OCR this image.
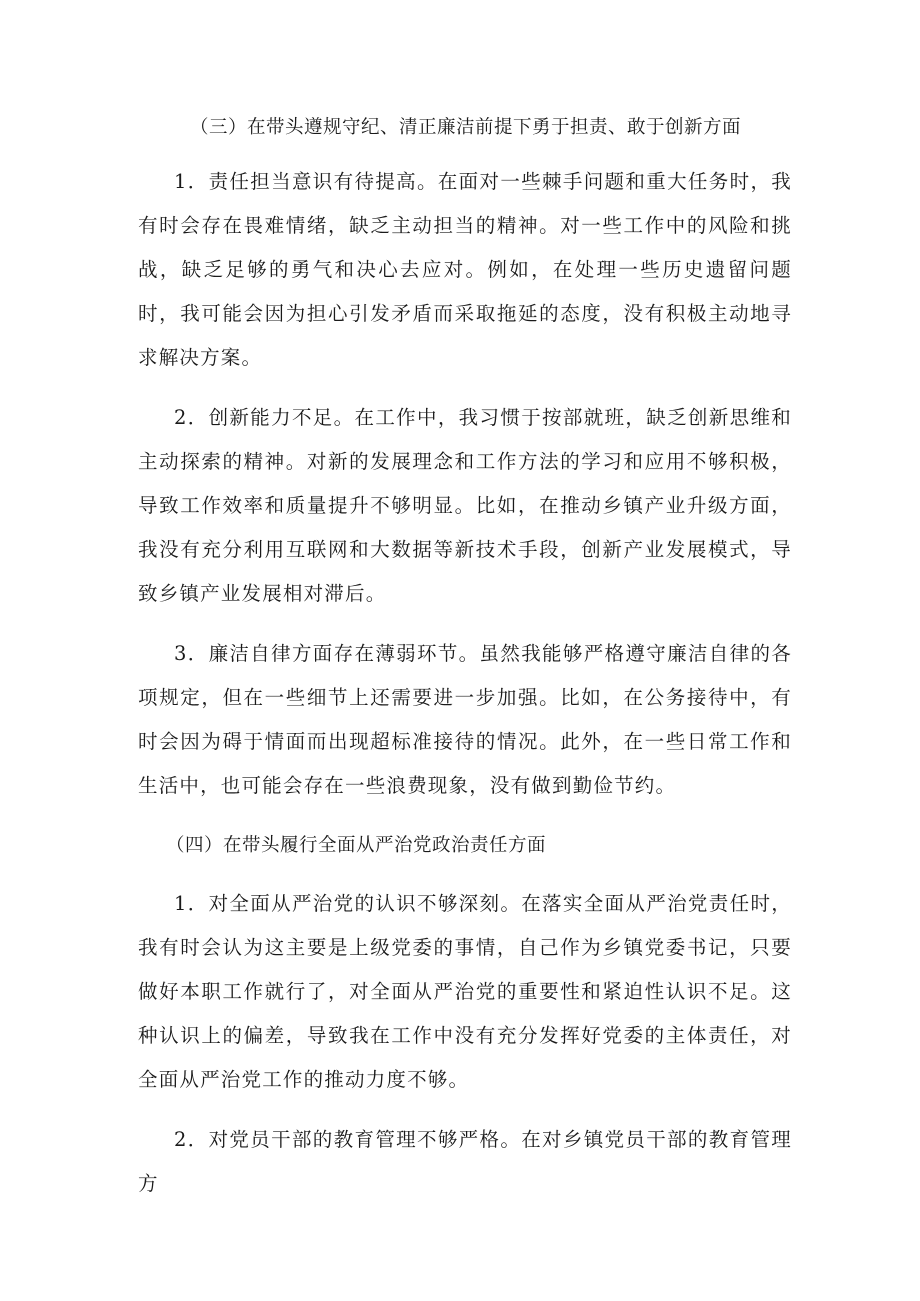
（三）在带头遵规守纪、清正廉洁前提下勇于担责、敢于创新方面

1．责任担当意识有待提高。在面对一些棘手问题和重大任务时，我有时会存在畏难情绪，缺乏主动担当的精神。对一些工作中的风险和挑战，缺乏足够的勇气和决心去应对。例如，在处理一些历史遗留问题时，我可能会因为担心引发矛盾而采取拖延的态度，没有积极主动地寻求解决方案。

2．创新能力不足。在工作中，我习惯于按部就班，缺乏创新思维和主动探索的精神。对新的发展理念和工作方法的学习和应用不够积极，导致工作效率和质量提升不够明显。比如，在推动乡镇产业升级方面，我没有充分利用互联网和大数据等新技术手段，创新产业发展模式，导致乡镇产业发展相对滞后。

3．廉洁自律方面存在薄弱环节。虽然我能够严格遵守廉洁自律的各项规定，但在一些细节上还需要进一步加强。比如，在公务接待中，有时会因为碍于情面而出现超标准接待的情况。此外，在一些日常工作和生活中，也可能会存在一些浪费现象，没有做到勤俭节约。

（四）在带头履行全面从严治党政治责任方面

1．对全面从严治党的认识不够深刻。在落实全面从严治党责任时，我有时会认为这主要是上级党委的事情，自己作为乡镇党委书记，只要做好本职工作就行了，对全面从严治党的重要性和紧迫性认识不足。这种认识上的偏差，导致我在工作中没有充分发挥好党委的主体责任，对全面从严治党工作的推动力度不够。

2．对党员干部的教育管理不够严格。在对乡镇党员干部的教育管理方
